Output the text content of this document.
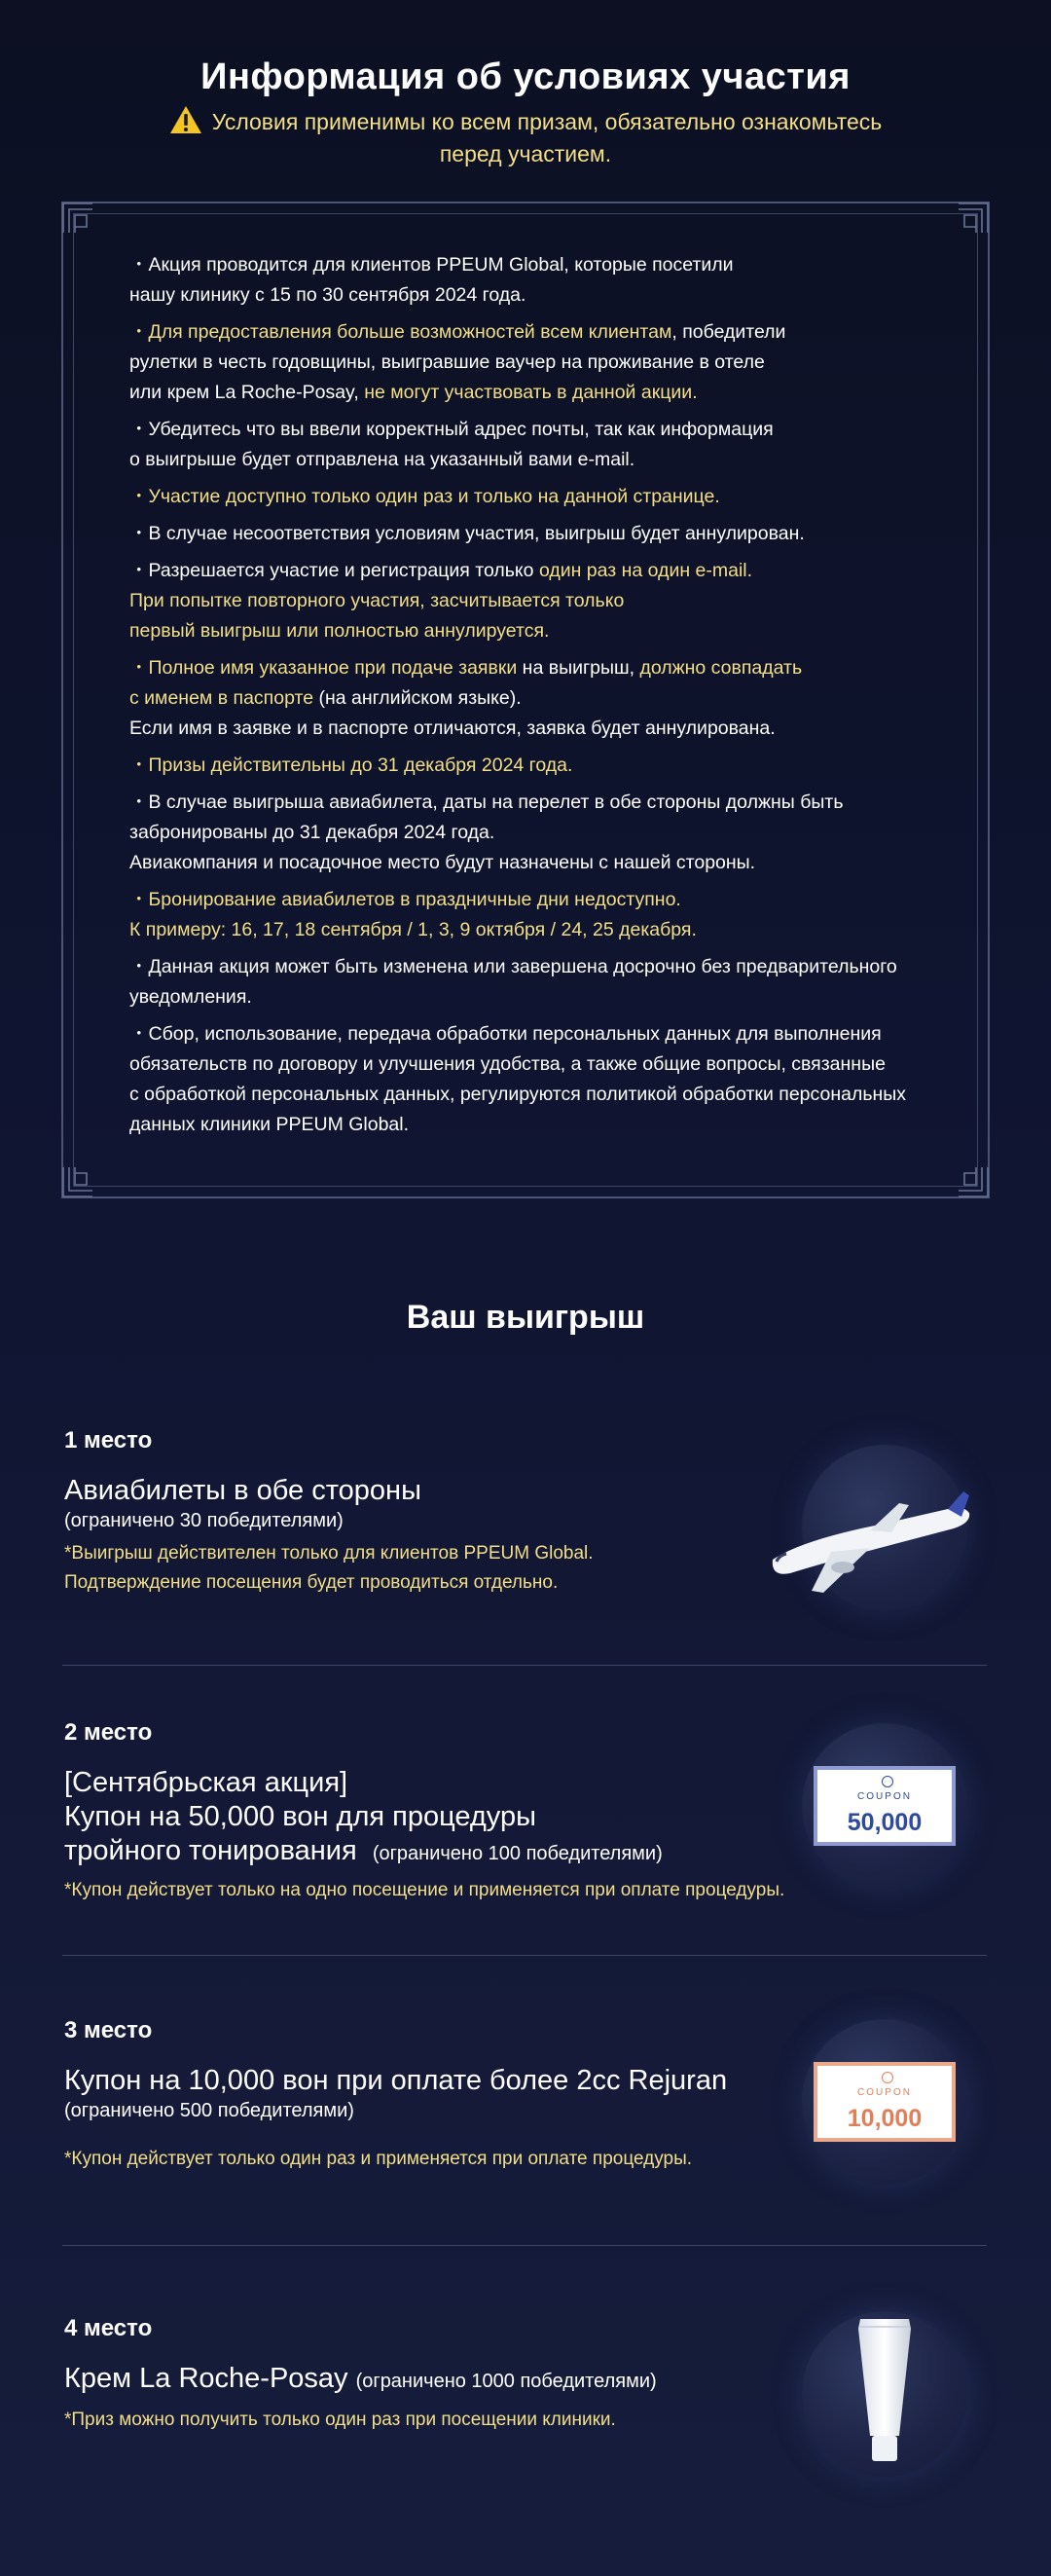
Информация об условиях участия
Условия применимы ко всем призам, обязательно ознакомьтесь
перед участием.
・Акция проводится для клиентов PPEUM Global, которые посетили
нашу клинику с 15 по 30 сентября 2024 года.
・Для предоставления больше возможностей всем клиентам, победители
рулетки в честь годовщины, выигравшие ваучер на проживание в отеле
или крем La Roche-Posay, не могут участвовать в данной акции.
・Убедитесь что вы ввели корректный адрес почты, так как информация
о выигрыше будет отправлена на указанный вами e-mail.
・Участие доступно только один раз и только на данной странице.
・В случае несоответствия условиям участия, выигрыш будет аннулирован.
・Разрешается участие и регистрация только один раз на один e-mail.
При попытке повторного участия, засчитывается только
первый выигрыш или полностью аннулируется.
・Полное имя указанное при подаче заявки на выигрыш, должно совпадать
с именем в паспорте (на английском языке).
Если имя в заявке и в паспорте отличаются, заявка будет аннулирована.
・Призы действительны до 31 декабря 2024 года.
・В случае выигрыша авиабилета, даты на перелет в обе стороны должны быть
забронированы до 31 декабря 2024 года.
Авиакомпания и посадочное место будут назначены с нашей стороны.
・Бронирование авиабилетов в праздничные дни недоступно.
К примеру: 16, 17, 18 сентября / 1, 3, 9 октября / 24, 25 декабря.
・Данная акция может быть изменена или завершена досрочно без предварительного
уведомления.
・Сбор, использование, передача обработки персональных данных для выполнения
обязательств по договору и улучшения удобства, а также общие вопросы, связанные
с обработкой персональных данных, регулируются политикой обработки персональных
данных клиники PPEUM Global.
Ваш выигрыш
1 место
Авиабилеты в обе стороны
(ограничено 30 победителями)
*Выигрыш действителен только для клиентов PPEUM Global.
Подтверждение посещения будет проводиться отдельно.
2 место
[Сентябрьская акция]
Купон на 50,000 вон для процедуры
тройного тонирования (ограничено 100 победителями)
*Купон действует только на одно посещение и применяется при оплате процедуры.
COUPON
50,000
3 место
Купон на 10,000 вон при оплате более 2cc Rejuran
(ограничено 500 победителями)
*Купон действует только один раз и применяется при оплате процедуры.
COUPON
10,000
4 место
Крем La Roche-Posay (ограничено 1000 победителями)
*Приз можно получить только один раз при посещении клиники.
